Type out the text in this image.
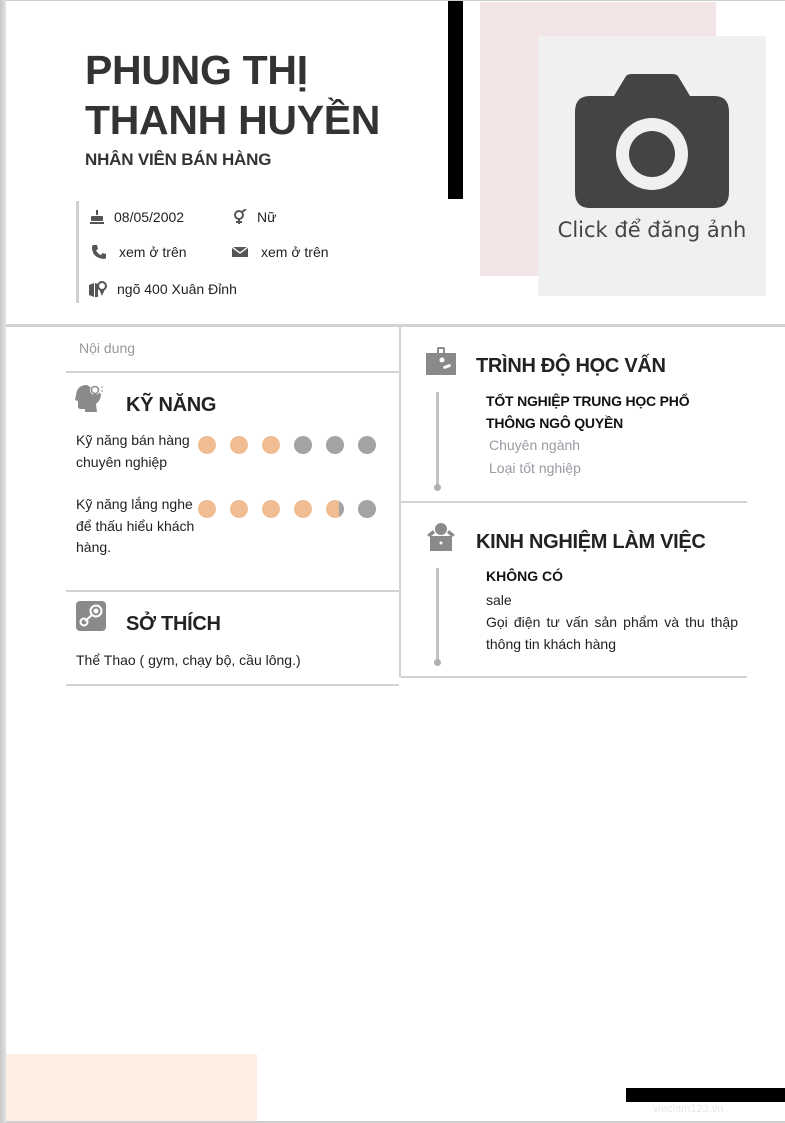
PHUNG THỊ
THANH HUYỀN
NHÂN VIÊN BÁN HÀNG
Click để đăng ảnh
08/05/2002	Nữ
xem ở trên	xem ở trên
ngõ 400 Xuân Đỉnh
Nội dung
KỸ NĂNG
Kỹ năng bán hàng chuyên nghiệp
Kỹ năng lắng nghe để thấu hiểu khách hàng.
SỞ THÍCH
Thể Thao ( gym, chạy bộ, cầu lông.)
TRÌNH ĐỘ HỌC VẤN
TỐT NGHIỆP TRUNG HỌC PHỔ THÔNG NGÔ QUYỀN
Chuyên ngành
Loại tốt nghiệp
KINH NGHIỆM LÀM VIỆC
KHÔNG CÓ
sale
Gọi điện tư vấn sản phẩm và thu thập thông tin khách hàng
vieclam123.vn
